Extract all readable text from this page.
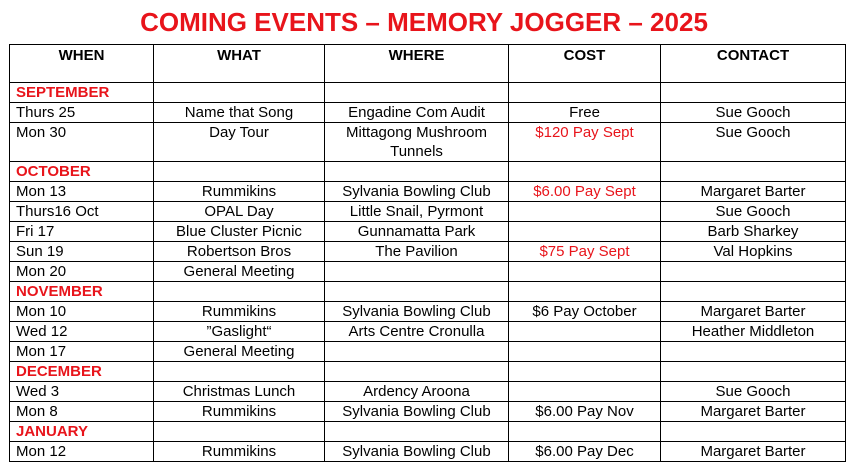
COMING EVENTS – MEMORY JOGGER – 2025
WHEN	WHAT	WHERE	COST	CONTACT
SEPTEMBER				
Thurs 25	Name that Song	Engadine Com Audit	Free	Sue Gooch
Mon 30	Day Tour	Mittagong Mushroom Tunnels	$120 Pay Sept	Sue Gooch
OCTOBER				
Mon 13	Rummikins	Sylvania Bowling Club	$6.00 Pay Sept	Margaret Barter
Thurs16 Oct	OPAL Day	Little Snail, Pyrmont		Sue Gooch
Fri 17	Blue Cluster Picnic	Gunnamatta Park		Barb Sharkey
Sun 19	Robertson Bros	The Pavilion	$75 Pay Sept	Val Hopkins
Mon 20	General Meeting			
NOVEMBER				
Mon 10	Rummikins	Sylvania Bowling Club	$6 Pay October	Margaret Barter
Wed 12	”Gaslight“	Arts Centre Cronulla		Heather Middleton
Mon 17	General Meeting			
DECEMBER				
Wed 3	Christmas Lunch	Ardency Aroona		Sue Gooch
Mon 8	Rummikins	Sylvania Bowling Club	$6.00 Pay Nov	Margaret Barter
JANUARY				
Mon 12	Rummikins	Sylvania Bowling Club	$6.00 Pay Dec	Margaret Barter
